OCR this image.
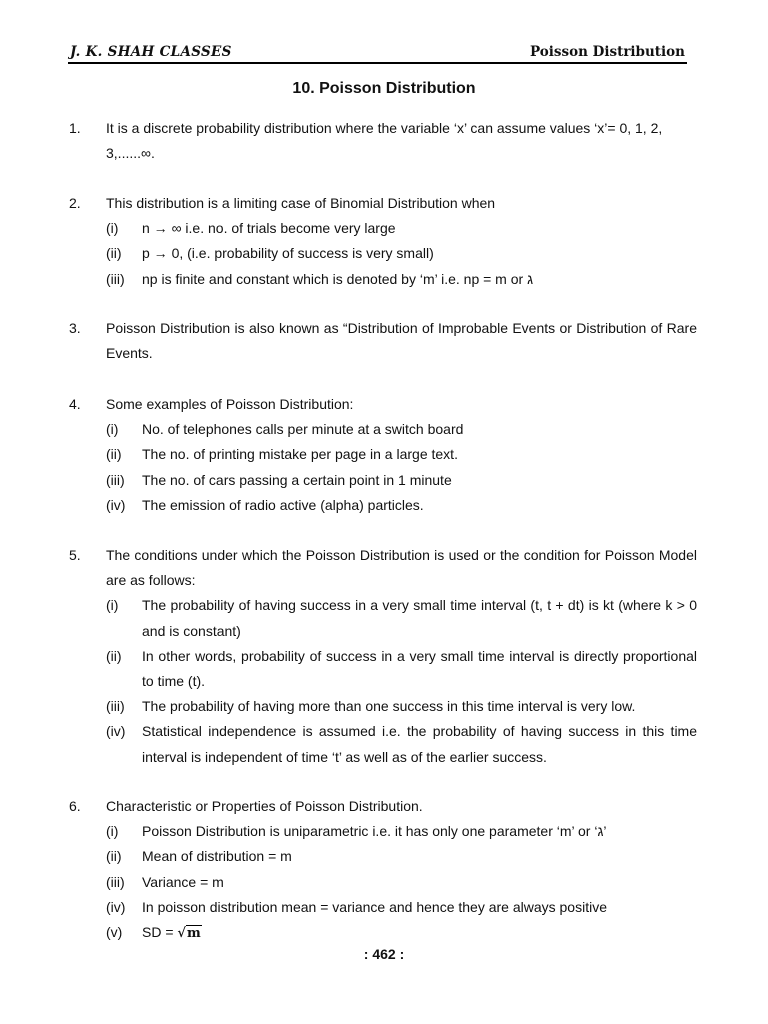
J. K. SHAH CLASSES	Poisson Distribution
10. Poisson Distribution
1.	It is a discrete probability distribution where the variable ‘x’ can assume values ‘x’= 0, 1, 2, 3,......∞.
2.	This distribution is a limiting case of Binomial Distribution when
(i)	n → ∞ i.e. no. of trials become very large
(ii)	p → 0, (i.e. probability of success is very small)
(iii)	np is finite and constant which is denoted by ‘m’ i.e. np = m or ג
3.	Poisson Distribution is also known as “Distribution of Improbable Events or Distribution of Rare Events.
4.	Some examples of Poisson Distribution:
(i)	No. of telephones calls per minute at a switch board
(ii)	The no. of printing mistake per page in a large text.
(iii)	The no. of cars passing a certain point in 1 minute
(iv)	The emission of radio active (alpha) particles.
5.	The conditions under which the Poisson Distribution is used or the condition for Poisson Model are as follows:
(i)	The probability of having success in a very small time interval (t, t + dt) is kt (where k > 0 and is constant)
(ii)	In other words, probability of success in a very small time interval is directly proportional to time (t).
(iii)	The probability of having more than one success in this time interval is very low.
(iv)	Statistical independence is assumed i.e. the probability of having success in this time interval is independent of time ‘t’ as well as of the earlier success.
6.	Characteristic or Properties of Poisson Distribution.
(i)	Poisson Distribution is uniparametric i.e. it has only one parameter ‘m’ or ‘ג’
(ii)	Mean of distribution = m
(iii)	Variance = m
(iv)	In poisson distribution mean = variance and hence they are always positive
(v)	SD = √m
: 462 :
